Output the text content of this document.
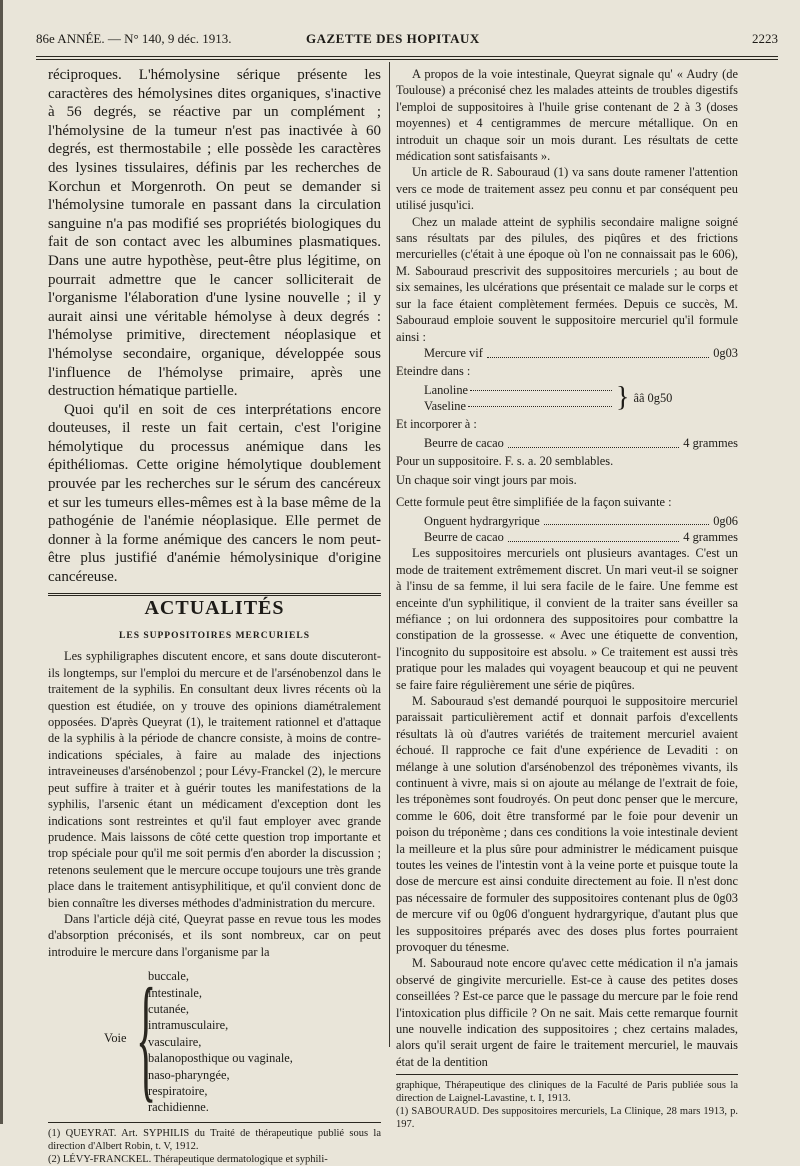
86e ANNÉE. — N° 140, 9 déc. 1913.	GAZETTE DES HOPITAUX	2223

réciproques. L'hémolysine sérique présente les caractères des hémolysines dites organiques, s'inactive à 56 degrés, se réactive par un complément ; l'hémolysine de la tumeur n'est pas inactivée à 60 degrés, est thermostabile ; elle possède les caractères des lysines tissulaires, définis par les recherches de Korchun et Morgenroth. On peut se demander si l'hémolysine tumorale en passant dans la circulation sanguine n'a pas modifié ses propriétés biologiques du fait de son contact avec les albumines plasmatiques. Dans une autre hypothèse, peut-être plus légitime, on pourrait admettre que le cancer solliciterait de l'organisme l'élaboration d'une lysine nouvelle ; il y aurait ainsi une véritable hémolyse à deux degrés : l'hémolyse primitive, directement néoplasique et l'hémolyse secondaire, organique, développée sous l'influence de l'hémolyse primaire, après une destruction hématique partielle.

Quoi qu'il en soit de ces interprétations encore douteuses, il reste un fait certain, c'est l'origine hémolytique du processus anémique dans les épithéliomas. Cette origine hémolytique doublement prouvée par les recherches sur le sérum des cancéreux et sur les tumeurs elles-mêmes est à la base même de la pathogénie de l'anémie néoplasique. Elle permet de donner à la forme anémique des cancers le nom peut-être plus justifié d'anémie hémolysinique d'origine cancéreuse.

ACTUALITÉS
LES SUPPOSITOIRES MERCURIELS

Les syphiligraphes discutent encore, et sans doute discuteront-ils longtemps, sur l'emploi du mercure et de l'arsénobenzol dans le traitement de la syphilis. En consultant deux livres récents où la question est étudiée, on y trouve des opinions diamétralement opposées. D'après Queyrat (1), le traitement rationnel et d'attaque de la syphilis à la période de chancre consiste, à moins de contre-indications spéciales, à faire au malade des injections intraveineuses d'arsénobenzol ; pour Lévy-Franckel (2), le mercure peut suffire à traiter et à guérir toutes les manifestations de la syphilis, l'arsenic étant un médicament d'exception dont les indications sont restreintes et qu'il faut employer avec grande prudence. Mais laissons de côté cette question trop importante et trop spéciale pour qu'il me soit permis d'en aborder la discussion ; retenons seulement que le mercure occupe toujours une très grande place dans le traitement antisyphilitique, et qu'il convient donc de bien connaître les diverses méthodes d'administration du mercure.

Dans l'article déjà cité, Queyrat passe en revue tous les modes d'absorption préconisés, et ils sont nombreux, car on peut introduire le mercure dans l'organisme par la

Voie {
buccale,
intestinale,
cutanée,
intramusculaire,
vasculaire,
balanoposthique ou vaginale,
naso-pharyngée,
respiratoire,
rachidienne.

(1) QUEYRAT. Art. SYPHILIS du Traité de thérapeutique publié sous la direction d'Albert Robin, t. V, 1912.

(2) LÉVY-FRANCKEL. Thérapeutique dermatologique et syphili-

A propos de la voie intestinale, Queyrat signale qu' « Audry (de Toulouse) a préconisé chez les malades atteints de troubles digestifs l'emploi de suppositoires à l'huile grise contenant de 2 à 3 (doses moyennes) et 4 centigrammes de mercure métallique. On en introduit un chaque soir un mois durant. Les résultats de cette médication sont satisfaisants ».

Un article de R. Sabouraud (1) va sans doute ramener l'attention vers ce mode de traitement assez peu connu et par conséquent peu utilisé jusqu'ici.

Chez un malade atteint de syphilis secondaire maligne soigné sans résultats par des pilules, des piqûres et des frictions mercurielles (c'était à une époque où l'on ne connaissait pas le 606), M. Sabouraud prescrivit des suppositoires mercuriels ; au bout de six semaines, les ulcérations que présentait ce malade sur le corps et sur la face étaient complètement fermées. Depuis ce succès, M. Sabouraud emploie souvent le suppositoire mercuriel qu'il formule ainsi :

Mercure vif	0g03

Eteindre dans :

Lanoline
Vaseline	} ââ 0g50

Et incorporer à :

Beurre de cacao	4 grammes

Pour un suppositoire. F. s. a. 20 semblables.

Un chaque soir vingt jours par mois.

Cette formule peut être simplifiée de la façon suivante :

Onguent hydrargyrique	0g06
Beurre de cacao	4 grammes

Les suppositoires mercuriels ont plusieurs avantages. C'est un mode de traitement extrêmement discret. Un mari veut-il se soigner à l'insu de sa femme, il lui sera facile de le faire. Une femme est enceinte d'un syphilitique, il convient de la traiter sans éveiller sa méfiance ; on lui ordonnera des suppositoires pour combattre la constipation de la grossesse. « Avec une étiquette de convention, l'incognito du suppositoire est absolu. » Ce traitement est aussi très pratique pour les malades qui voyagent beaucoup et qui ne peuvent se faire faire régulièrement une série de piqûres.

M. Sabouraud s'est demandé pourquoi le suppositoire mercuriel paraissait particulièrement actif et donnait parfois d'excellents résultats là où d'autres variétés de traitement mercuriel avaient échoué. Il rapproche ce fait d'une expérience de Levaditi : on mélange à une solution d'arsénobenzol des tréponèmes vivants, ils continuent à vivre, mais si on ajoute au mélange de l'extrait de foie, les tréponèmes sont foudroyés. On peut donc penser que le mercure, comme le 606, doit être transformé par le foie pour devenir un poison du tréponème ; dans ces conditions la voie intestinale devient la meilleure et la plus sûre pour administrer le médicament puisque toutes les veines de l'intestin vont à la veine porte et puisque toute la dose de mercure est ainsi conduite directement au foie. Il n'est donc pas nécessaire de formuler des suppositoires contenant plus de 0g03 de mercure vif ou 0g06 d'onguent hydrargyrique, d'autant plus que les suppositoires préparés avec des doses plus fortes pourraient provoquer du ténesme.

M. Sabouraud note encore qu'avec cette médication il n'a jamais observé de gingivite mercurielle. Est-ce à cause des petites doses conseillées ? Est-ce parce que le passage du mercure par le foie rend l'intoxication plus difficile ? On ne sait. Mais cette remarque fournit une nouvelle indication des suppositoires ; chez certains malades, alors qu'il serait urgent de faire le traitement mercuriel, le mauvais état de la dentition

graphique, Thérapeutique des cliniques de la Faculté de Paris publiée sous la direction de Laignel-Lavastine, t. I, 1913.

(1) SABOURAUD. Des suppositoires mercuriels, La Clinique, 28 mars 1913, p. 197.
